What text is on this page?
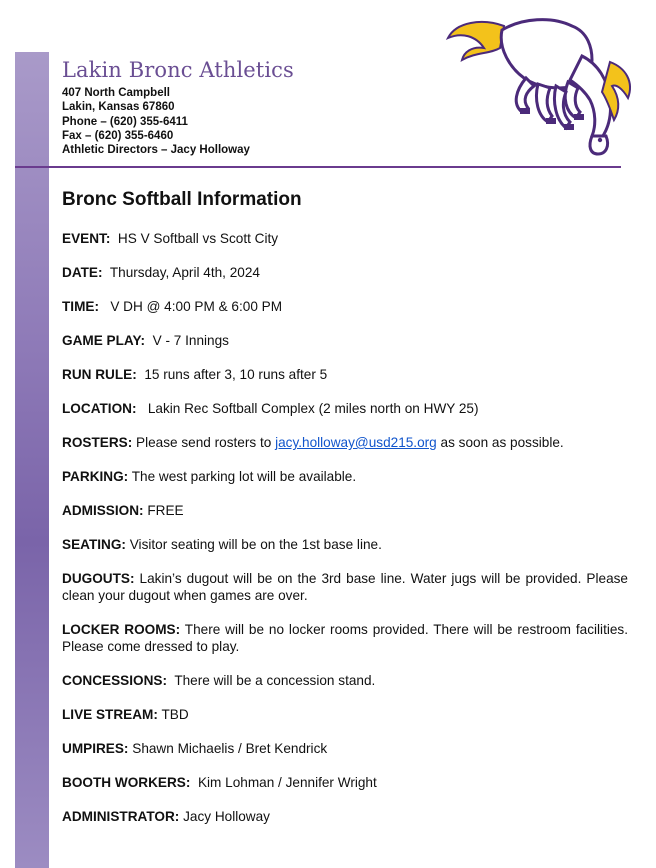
Lakin Bronc Athletics
407 North Campbell
Lakin, Kansas 67860
Phone – (620) 355-6411
Fax – (620) 355-6460
Athletic Directors – Jacy Holloway
Bronc Softball Information
EVENT: HS V Softball vs Scott City
DATE: Thursday, April 4th, 2024
TIME: V DH @ 4:00 PM & 6:00 PM
GAME PLAY: V - 7 Innings
RUN RULE: 15 runs after 3, 10 runs after 5
LOCATION: Lakin Rec Softball Complex (2 miles north on HWY 25)
ROSTERS: Please send rosters to jacy.holloway@usd215.org as soon as possible.
PARKING: The west parking lot will be available.
ADMISSION: FREE
SEATING: Visitor seating will be on the 1st base line.
DUGOUTS: Lakin’s dugout will be on the 3rd base line. Water jugs will be provided. Please clean your dugout when games are over.
LOCKER ROOMS: There will be no locker rooms provided. There will be restroom facilities. Please come dressed to play.
CONCESSIONS: There will be a concession stand.
LIVE STREAM: TBD
UMPIRES: Shawn Michaelis / Bret Kendrick
BOOTH WORKERS: Kim Lohman / Jennifer Wright
ADMINISTRATOR: Jacy Holloway
